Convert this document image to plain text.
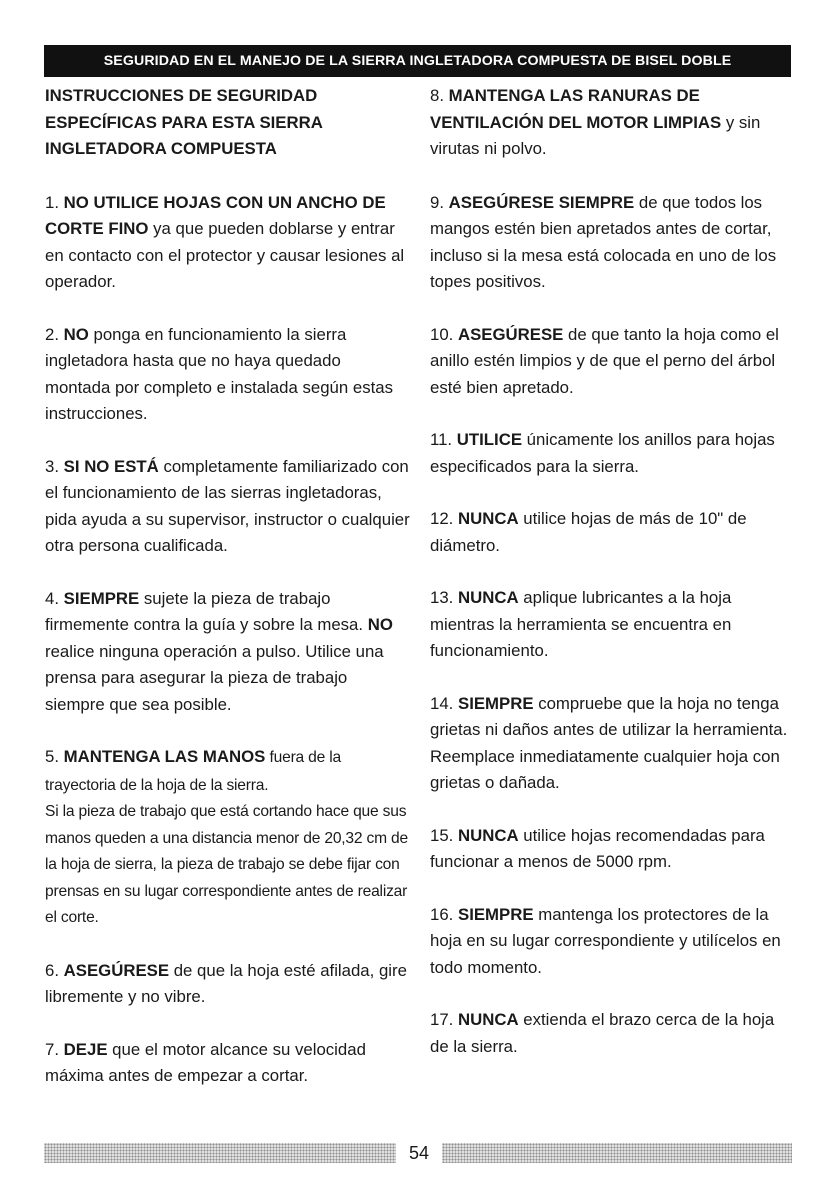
SEGURIDAD EN EL MANEJO DE LA SIERRA INGLETADORA COMPUESTA DE BISEL DOBLE

INSTRUCCIONES DE SEGURIDAD ESPECÍFICAS PARA ESTA SIERRA INGLETADORA COMPUESTA

1. NO UTILICE HOJAS CON UN ANCHO DE CORTE FINO ya que pueden doblarse y entrar en contacto con el protector y causar lesiones al operador.

2. NO ponga en funcionamiento la sierra ingletadora hasta que no haya quedado montada por completo e instalada según estas instrucciones.

3. SI NO ESTÁ completamente familiarizado con el funcionamiento de las sierras ingletadoras, pida ayuda a su supervisor, instructor o cualquier otra persona cualificada.

4. SIEMPRE sujete la pieza de trabajo firmemente contra la guía y sobre la mesa. NO realice ninguna operación a pulso. Utilice una prensa para asegurar la pieza de trabajo siempre que sea posible.

5. MANTENGA LAS MANOS fuera de la trayectoria de la hoja de la sierra.

Si la pieza de trabajo que está cortando hace que sus manos queden a una distancia menor de 20,32 cm de la hoja de sierra, la pieza de trabajo se debe fijar con prensas en su lugar correspondiente antes de realizar el corte.

6. ASEGÚRESE de que la hoja esté afilada, gire libremente y no vibre.

7. DEJE que el motor alcance su velocidad máxima antes de empezar a cortar.

8. MANTENGA LAS RANURAS DE VENTILACIÓN DEL MOTOR LIMPIAS y sin virutas ni polvo.

9. ASEGÚRESE SIEMPRE de que todos los mangos estén bien apretados antes de cortar, incluso si la mesa está colocada en uno de los topes positivos.

10. ASEGÚRESE de que tanto la hoja como el anillo estén limpios y de que el perno del árbol esté bien apretado.

11. UTILICE únicamente los anillos para hojas especificados para la sierra.

12. NUNCA utilice hojas de más de 10" de diámetro.

13. NUNCA aplique lubricantes a la hoja mientras la herramienta se encuentra en funcionamiento.

14. SIEMPRE compruebe que la hoja no tenga grietas ni daños antes de utilizar la herramienta. Reemplace inmediatamente cualquier hoja con grietas o dañada.

15. NUNCA utilice hojas recomendadas para funcionar a menos de 5000 rpm.

16. SIEMPRE mantenga los protectores de la hoja en su lugar correspondiente y utilícelos en todo momento.

17. NUNCA extienda el brazo cerca de la hoja de la sierra.

54
